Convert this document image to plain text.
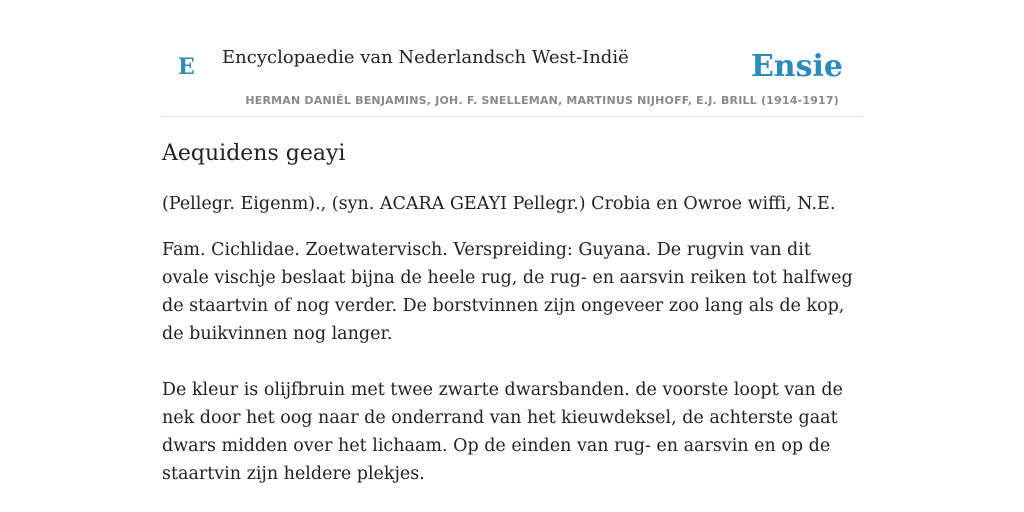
E Encyclopaedie van Nederlandsch West-Indië	Ensie
HERMAN DANIËL BENJAMINS, JOH. F. SNELLEMAN, MARTINUS NIJHOFF, E.J. BRILL (1914-1917)
Aequidens geayi

(Pellegr. Eigenm)., (syn. ACARA GEAYI Pellegr.) Crobia en Owroe wiffi, N.E.

Fam. Cichlidae. Zoetwatervisch. Verspreiding: Guyana. De rugvin van dit ovale vischje beslaat bijna de heele rug, de rug- en aarsvin reiken tot halfweg de staartvin of nog verder. De borstvinnen zijn ongeveer zoo lang als de kop, de buikvinnen nog langer.

De kleur is olijfbruin met twee zwarte dwarsbanden. de voorste loopt van de nek door het oog naar de onderrand van het kieuwdeksel, de achterste gaat dwars midden over het lichaam. Op de einden van rug- en aarsvin en op de staartvin zijn heldere plekjes.
